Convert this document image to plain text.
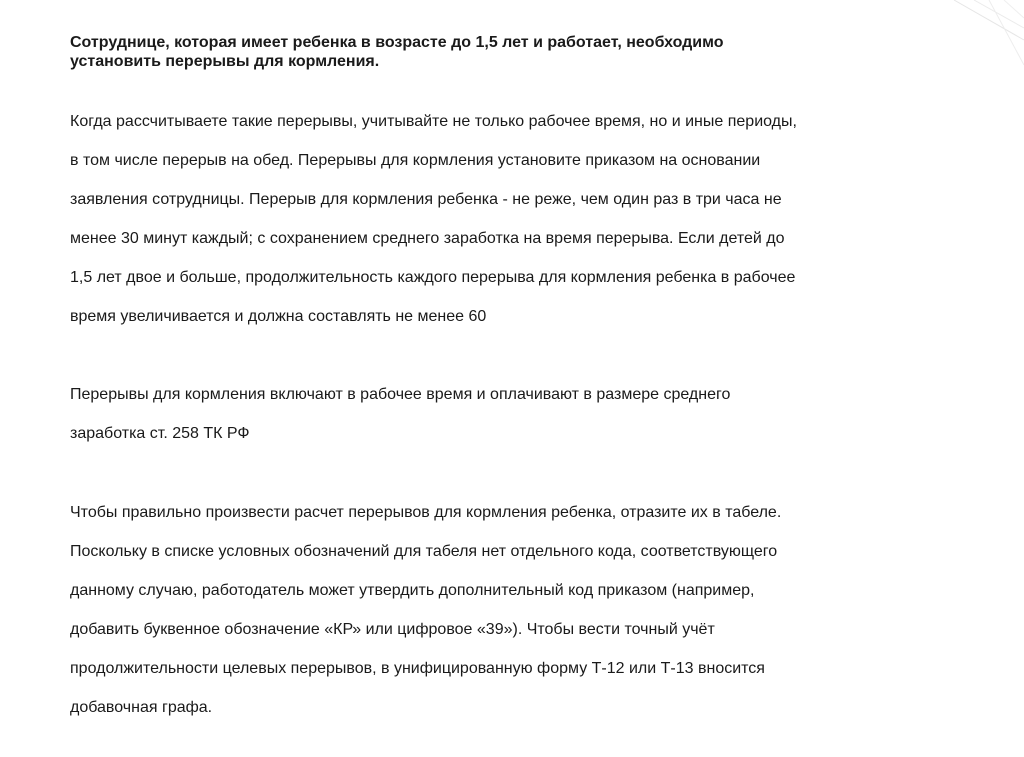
Сотруднице, которая имеет ребенка в возрасте до 1,5 лет и работает, необходимо
установить перерывы для кормления.

Когда рассчитываете такие перерывы, учитывайте не только рабочее время, но и иные периоды,

в том числе перерыв на обед. Перерывы для кормления установите приказом на основании

заявления сотрудницы. Перерыв для кормления ребенка - не реже, чем один раз в три часа не

менее 30 минут каждый; с сохранением среднего заработка на время перерыва. Если детей до

1,5 лет двое и больше, продолжительность каждого перерыва для кормления ребенка в рабочее

время увеличивается и должна составлять не менее 60

Перерывы для кормления включают в рабочее время и оплачивают в размере среднего

заработка ст. 258 ТК РФ

Чтобы правильно произвести расчет перерывов для кормления ребенка, отразите их в табеле.

Поскольку в списке условных обозначений для табеля нет отдельного кода, соответствующего

данному случаю, работодатель может утвердить дополнительный код приказом (например,

добавить буквенное обозначение «КР» или цифровое «39»). Чтобы вести точный учёт

продолжительности целевых перерывов, в унифицированную форму Т-12 или Т-13 вносится

добавочная графа.
